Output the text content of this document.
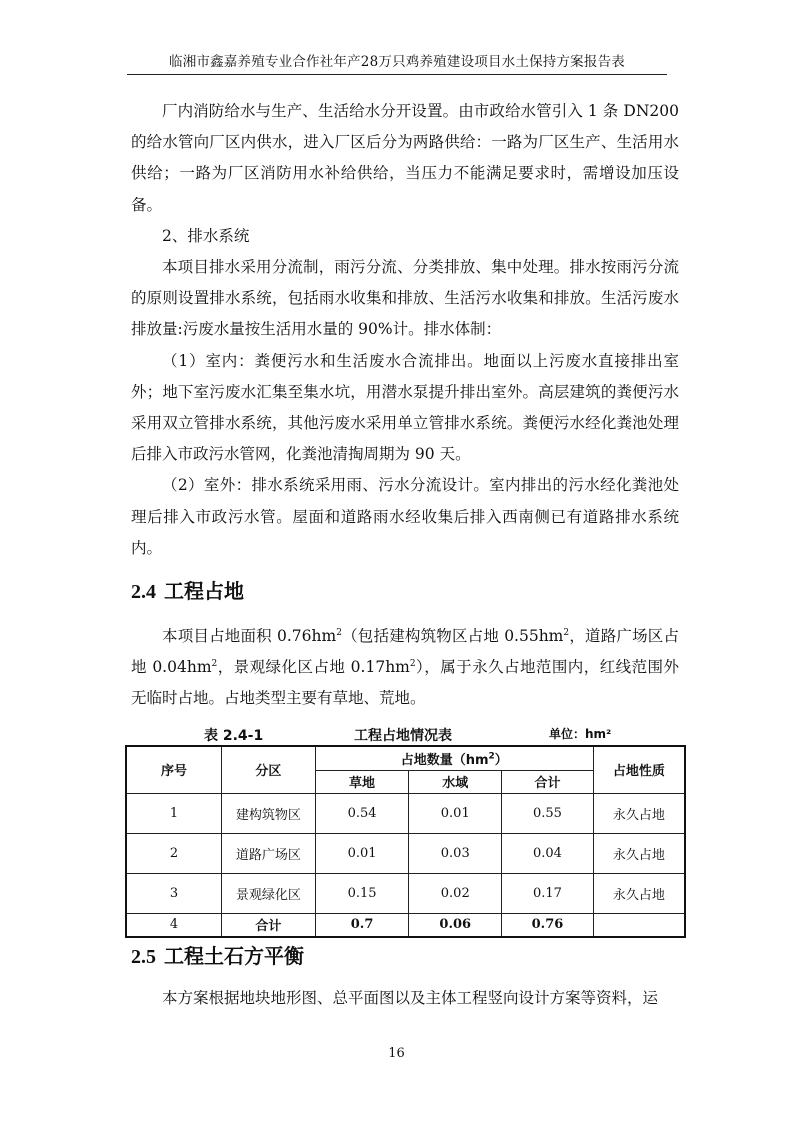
临湘市鑫嘉养殖专业合作社年产28万只鸡养殖建设项目水土保持方案报告表

厂内消防给水与生产、生活给水分开设置。由市政给水管引入 1 条 DN200 的给水管向厂区内供水，进入厂区后分为两路供给：一路为厂区生产、生活用水供给；一路为厂区消防用水补给供给，当压力不能满足要求时，需增设加压设备。

2、排水系统

本项目排水采用分流制，雨污分流、分类排放、集中处理。排水按雨污分流的原则设置排水系统，包括雨水收集和排放、生活污水收集和排放。生活污废水排放量:污废水量按生活用水量的 90%计。排水体制：

（1）室内：粪便污水和生活废水合流排出。地面以上污废水直接排出室外；地下室污废水汇集至集水坑，用潜水泵提升排出室外。高层建筑的粪便污水采用双立管排水系统，其他污废水采用单立管排水系统。粪便污水经化粪池处理后排入市政污水管网，化粪池清掏周期为 90 天。

（2）室外：排水系统采用雨、污水分流设计。室内排出的污水经化粪池处理后排入市政污水管。屋面和道路雨水经收集后排入西南侧已有道路排水系统内。

2.4 工程占地

本项目占地面积 $0.76hm^2$（包括建构筑物区占地 $0.55hm^2$，道路广场区占地 $0.04hm^2$，景观绿化区占地 $0.17hm^2$），属于永久占地范围内，红线范围外无临时占地。占地类型主要有草地、荒地。

表 2.4-1	工程占地情况表	单位：hm²
序号	分区	占地数量$(hm^2)$			占地性质
		草地	水域	合计	
1	建构筑物区	0.54	0.01	0.55	永久占地
2	道路广场区	0.01	0.03	0.04	永久占地
3	景观绿化区	0.15	0.02	0.17	永久占地
4	合计	0.7	0.06	0.76	
2.5 工程土石方平衡

本方案根据地块地形图、总平面图以及主体工程竖向设计方案等资料，运

16
